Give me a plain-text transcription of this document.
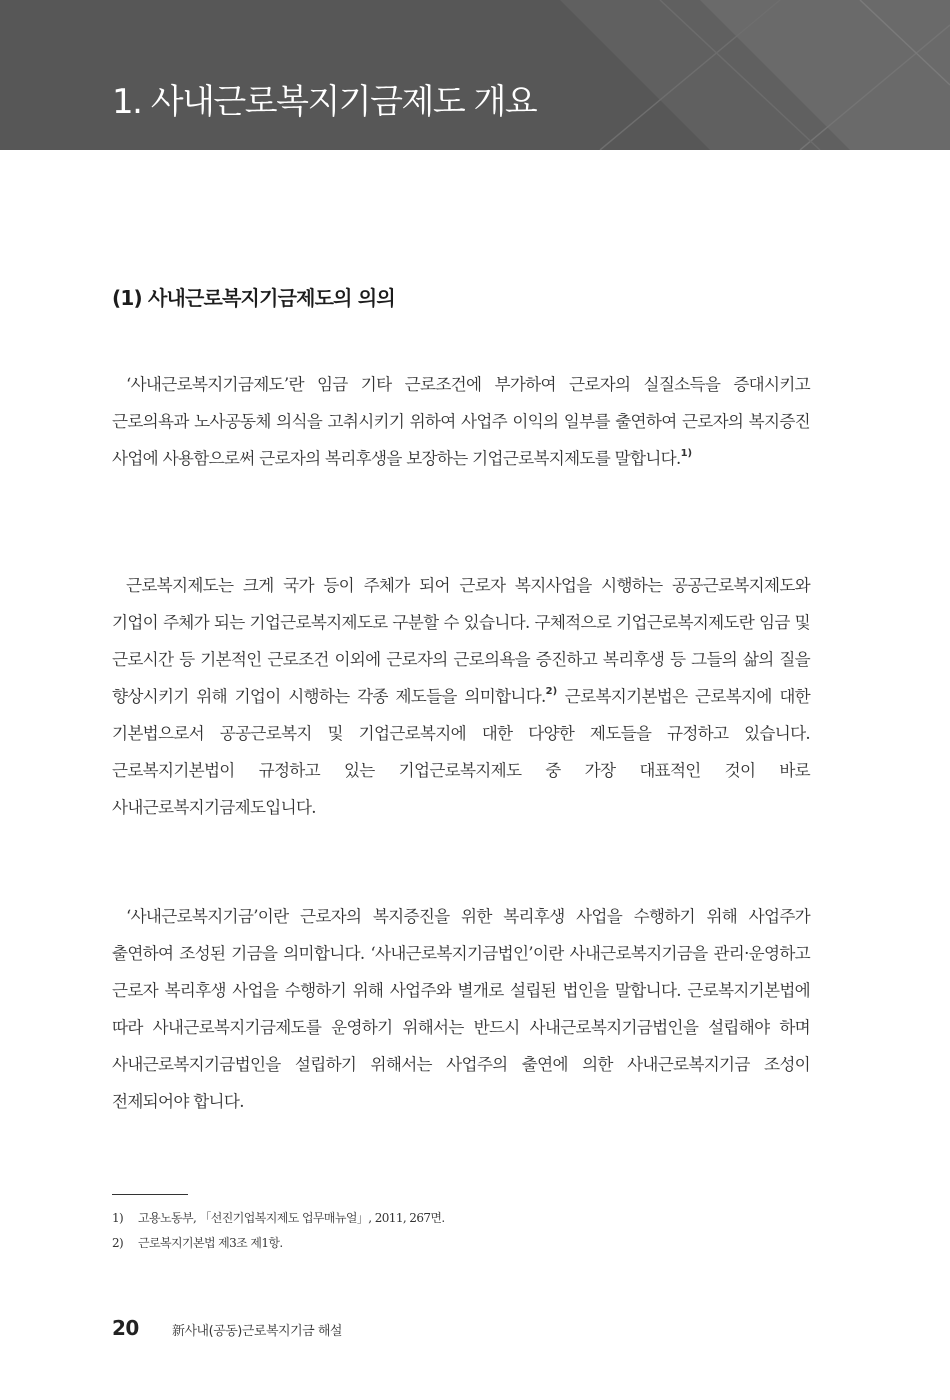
1. 사내근로복지기금제도 개요
(1) 사내근로복지기금제도의 의의

‘사내근로복지기금제도’란 임금 기타 근로조건에 부가하여 근로자의 실질소득을 증대시키고 근로의욕과 노사공동체 의식을 고취시키기 위하여 사업주 이익의 일부를 출연하여 근로자의 복지증진 사업에 사용함으로써 근로자의 복리후생을 보장하는 기업근로복지제도를 말합니다.$^{1)}$

근로복지제도는 크게 국가 등이 주체가 되어 근로자 복지사업을 시행하는 공공근로복지제도와 기업이 주체가 되는 기업근로복지제도로 구분할 수 있습니다. 구체적으로 기업근로복지제도란 임금 및 근로시간 등 기본적인 근로조건 이외에 근로자의 근로의욕을 증진하고 복리후생 등 그들의 삶의 질을 향상시키기 위해 기업이 시행하는 각종 제도들을 의미합니다.$^{2)}$ 근로복지기본법은 근로복지에 대한 기본법으로서 공공근로복지 및 기업근로복지에 대한 다양한 제도들을 규정하고 있습니다. 근로복지기본법이 규정하고 있는 기업근로복지제도 중 가장 대표적인 것이 바로 사내근로복지기금제도입니다.

‘사내근로복지기금’이란 근로자의 복지증진을 위한 복리후생 사업을 수행하기 위해 사업주가 출연하여 조성된 기금을 의미합니다. ‘사내근로복지기금법인’이란 사내근로복지기금을 관리·운영하고 근로자 복리후생 사업을 수행하기 위해 사업주와 별개로 설립된 법인을 말합니다. 근로복지기본법에 따라 사내근로복지기금제도를 운영하기 위해서는 반드시 사내근로복지기금법인을 설립해야 하며 사내근로복지기금법인을 설립하기 위해서는 사업주의 출연에 의한 사내근로복지기금 조성이 전제되어야 합니다.

1) 고용노동부, 「선진기업복지제도 업무매뉴얼」, 2011, 267면.
2) 근로복지기본법 제3조 제1항.
20	新사내(공동)근로복지기금 해설
